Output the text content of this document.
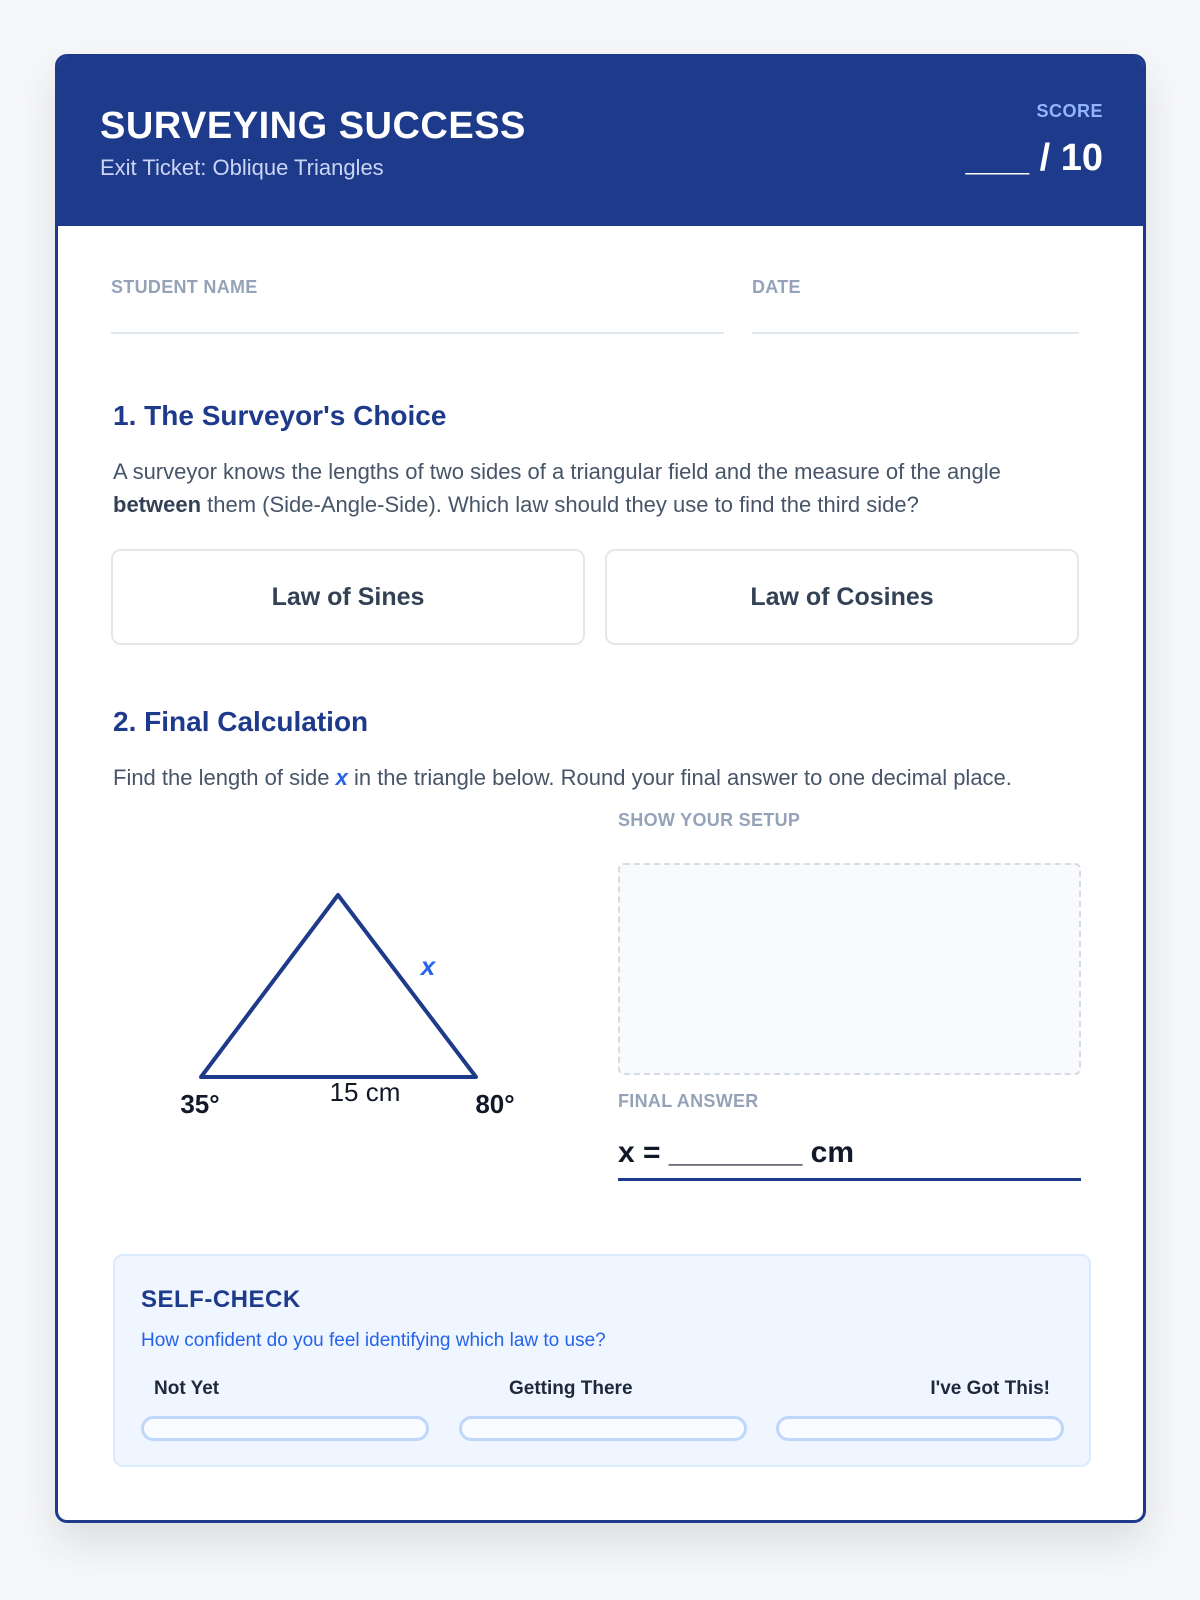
SURVEYING SUCCESS
Exit Ticket: Oblique Triangles
SCORE
___ / 10
STUDENT NAME	DATE
1. The Surveyor's Choice
A surveyor knows the lengths of two sides of a triangular field and the measure of the angle between them (Side-Angle-Side). Which law should they use to find the third side?
Law of Sines	Law of Cosines
2. Final Calculation
Find the length of side x in the triangle below. Round your final answer to one decimal place.
x
15 cm
35°	80°
SHOW YOUR SETUP
FINAL ANSWER
x = ________ cm
SELF-CHECK
How confident do you feel identifying which law to use?
Not Yet	Getting There	I've Got This!
